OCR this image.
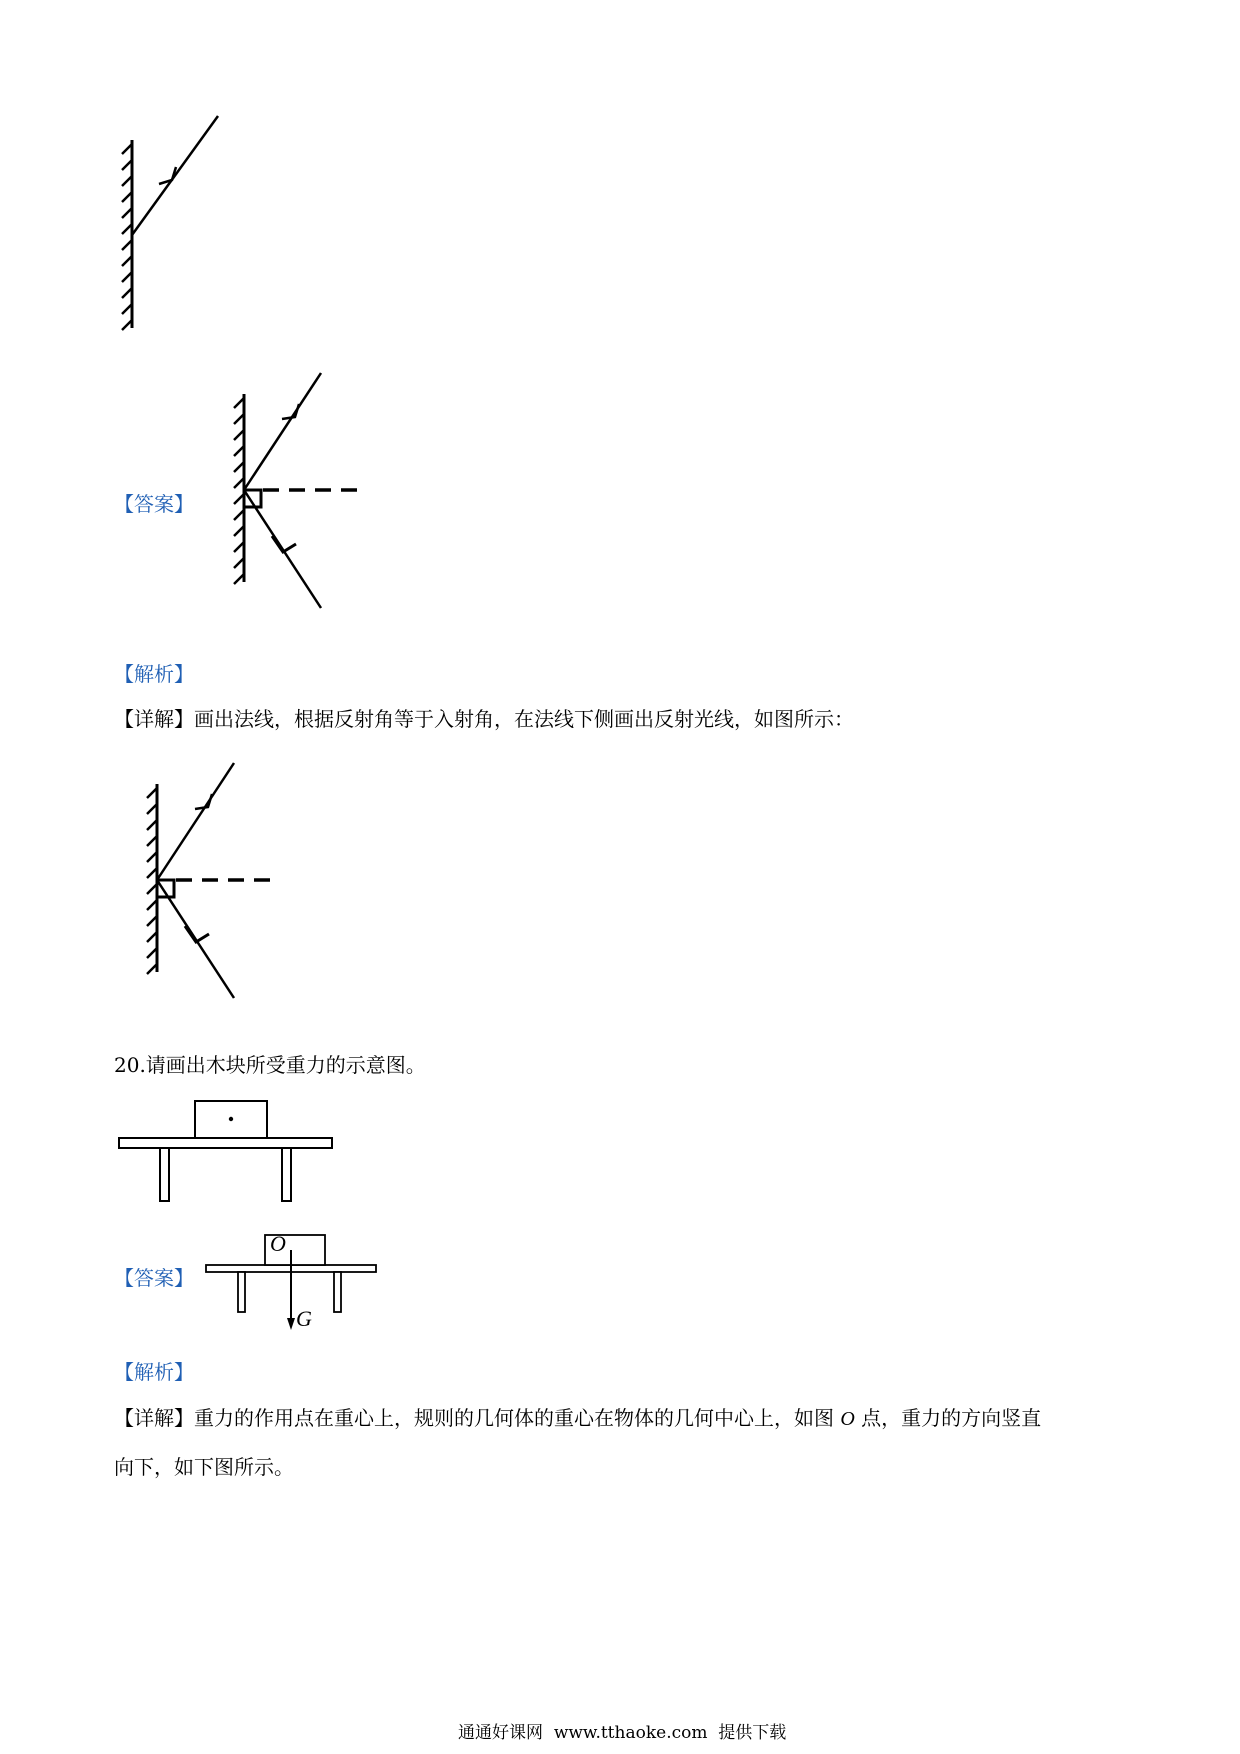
【答案】
【解析】
【详解】画出法线，根据反射角等于入射角，在法线下侧画出反射光线，如图所示：
20.请画出木块所受重力的示意图。
【答案】
O
G
【解析】
【详解】重力的作用点在重心上，规则的几何体的重心在物体的几何中心上，如图 O 点，重力的方向竖直
向下，如下图所示。
通通好课网 www.tthaoke.com 提供下载
